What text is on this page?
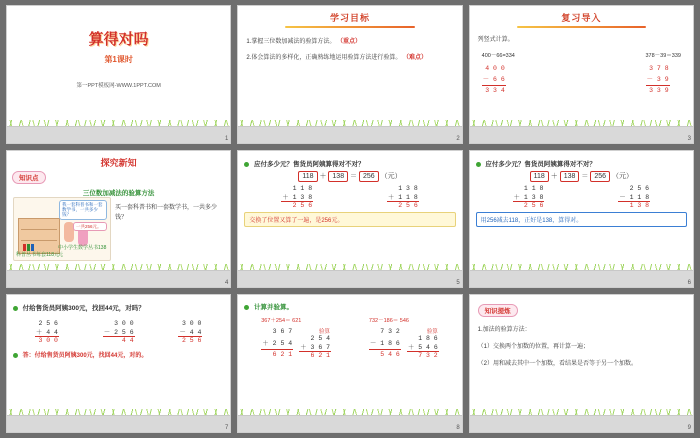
算得对吗
第1课时
第一PPT模板网-WWW.1PPT.COM
1
学习目标

1.掌握三位数加减法的验算方法。 （重点）

2.体会算法的多样化，正确熟练地运用验算方法进行验算。 （难点）

2
复习导入

列竖式计算。

400－66=334
4 0 0
－ 6 6
3 3 4
378－39＝339
3 7 8
－ 3 9
3 3 9
3
探究新知
知识点
三位数加减法的验算方法
我一套科普书和一套数学书，一共多少钱？
一共256元。
科普丛书每套118元
中小学生数学丛书138元
买一套科普书和一套数学书，一共多少钱？
4
应付多少元？售货员阿姨算得对不对？
118 ＋ 138 ＝ 256 （元）
1 1 8
＋ 1 3 8
2 5 6
1 3 8
＋ 1 1 8
2 5 6
交换了位置又算了一遍，是256元。
5
应付多少元？售货员阿姨算得对不对？
118 ＋ 138 ＝ 256 （元）
1 1 8
＋ 1 3 8
2 5 6
2 5 6
－ 1 1 8
1 3 8
用256减去118，正好是138，算得对。
6
付给售货员阿姨300元，找回44元，对吗？
2 5 6
＋ 4 4
3 0 0
3 0 0
－ 2 5 6
4 4
3 0 0
－ 4 4
2 5 6
答：付给售货员阿姨300元，找回44元，对的。
7
计算并验算。
367＋254＝ 621
3 6 7
＋ 2 5 4
6 2 1
验算
2 5 4
＋ 3 6 7
6 2 1
732－186＝ 546
7 3 2
－ 1 8 6
5 4 6
验算
1 8 6
＋ 5 4 6
7 3 2
8
知识提炼

1.加法的验算方法：

（1）交换两个加数的位置，再计算一遍；

（2）用和减去其中一个加数，看结果是否等于另一个加数。

9
